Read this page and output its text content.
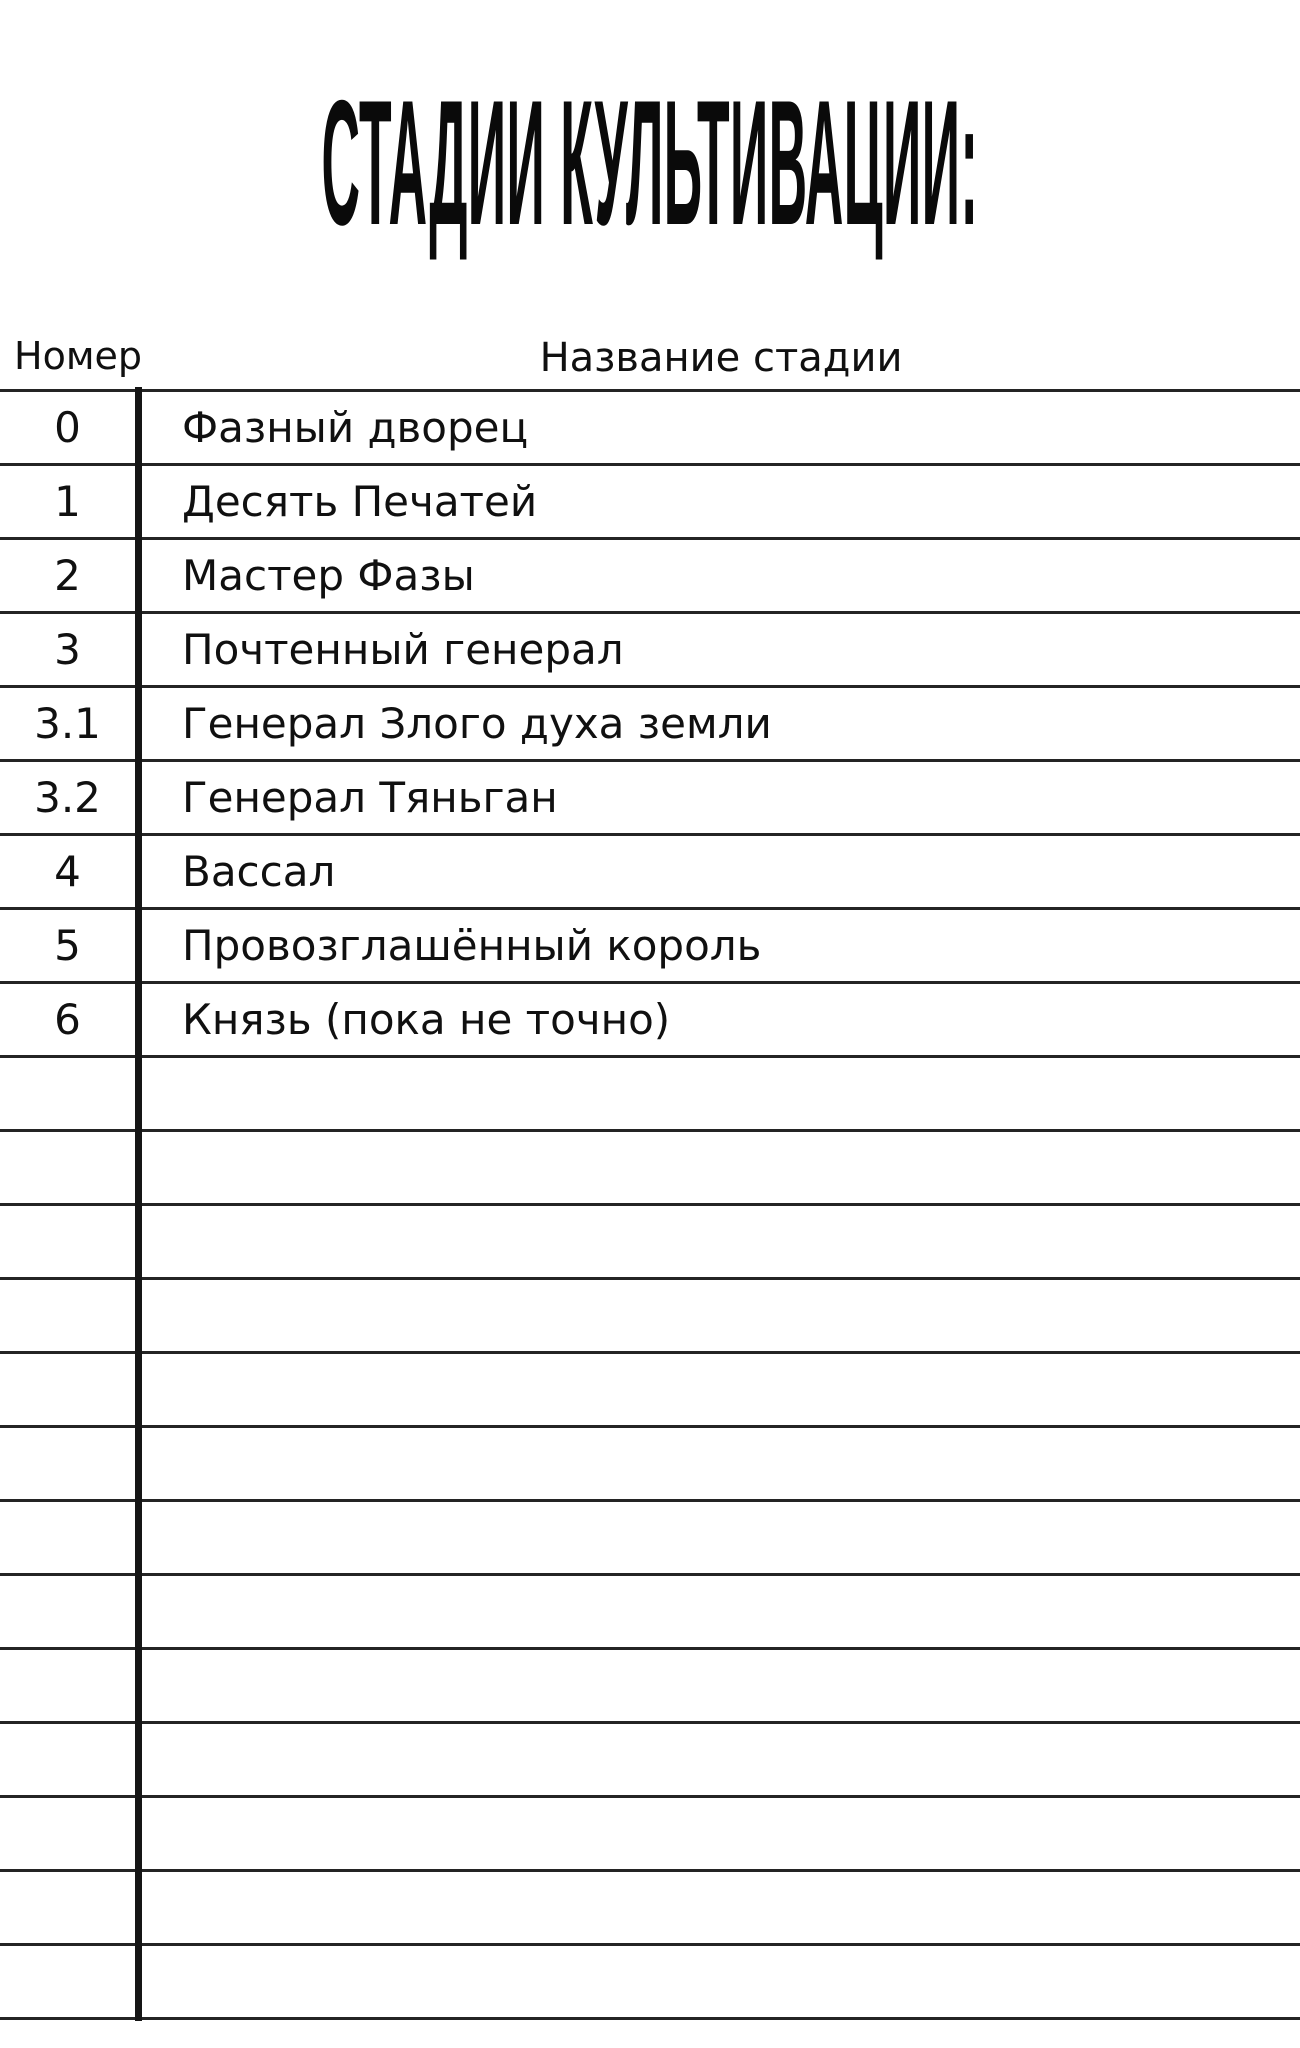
СТАДИИ КУЛЬТИВАЦИИ:
Номер	Название стадии
0	Фазный дворец
1	Десять Печатей
2	Мастер Фазы
3	Почтенный генерал
3.1	Генерал Злого духа земли
3.2	Генерал Тяньган
4	Вассал
5	Провозглашённый король
6	Князь (пока не точно)
